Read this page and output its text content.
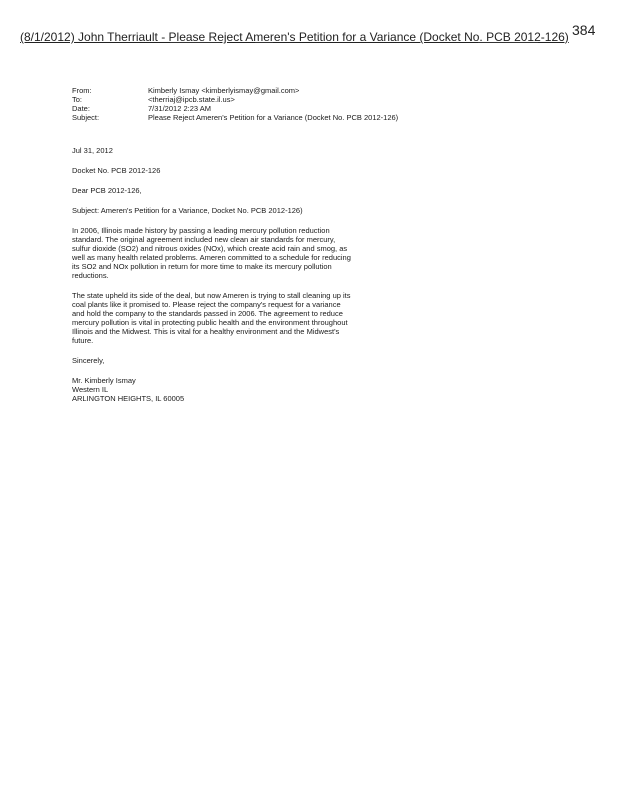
(8/1/2012) John Therriault - Please Reject Ameren's Petition for a Variance (Docket No. PCB 2012-126) 384
From:	Kimberly Ismay <kimberlyismay@gmail.com>
To:	<therriaj@ipcb.state.il.us>
Date:	7/31/2012 2:23 AM
Subject:	Please Reject Ameren's Petition for a Variance (Docket No. PCB 2012-126)

Jul 31, 2012

Docket No. PCB 2012-126

Dear PCB 2012-126,

Subject: Ameren's Petition for a Variance, Docket No. PCB 2012-126)

In 2006, Illinois made history by passing a leading mercury pollution reduction standard. The original agreement included new clean air standards for mercury, sulfur dioxide (SO2) and nitrous oxides (NOx), which create acid rain and smog, as well as many health related problems. Ameren committed to a schedule for reducing its SO2 and NOx pollution in return for more time to make its mercury pollution reductions.

The state upheld its side of the deal, but now Ameren is trying to stall cleaning up its coal plants like it promised to. Please reject the company's request for a variance and hold the company to the standards passed in 2006. The agreement to reduce mercury pollution is vital in protecting public health and the environment throughout Illinois and the Midwest. This is vital for a healthy environment and the Midwest's future.

Sincerely,

Mr. Kimberly Ismay
Western IL
ARLINGTON HEIGHTS, IL 60005
